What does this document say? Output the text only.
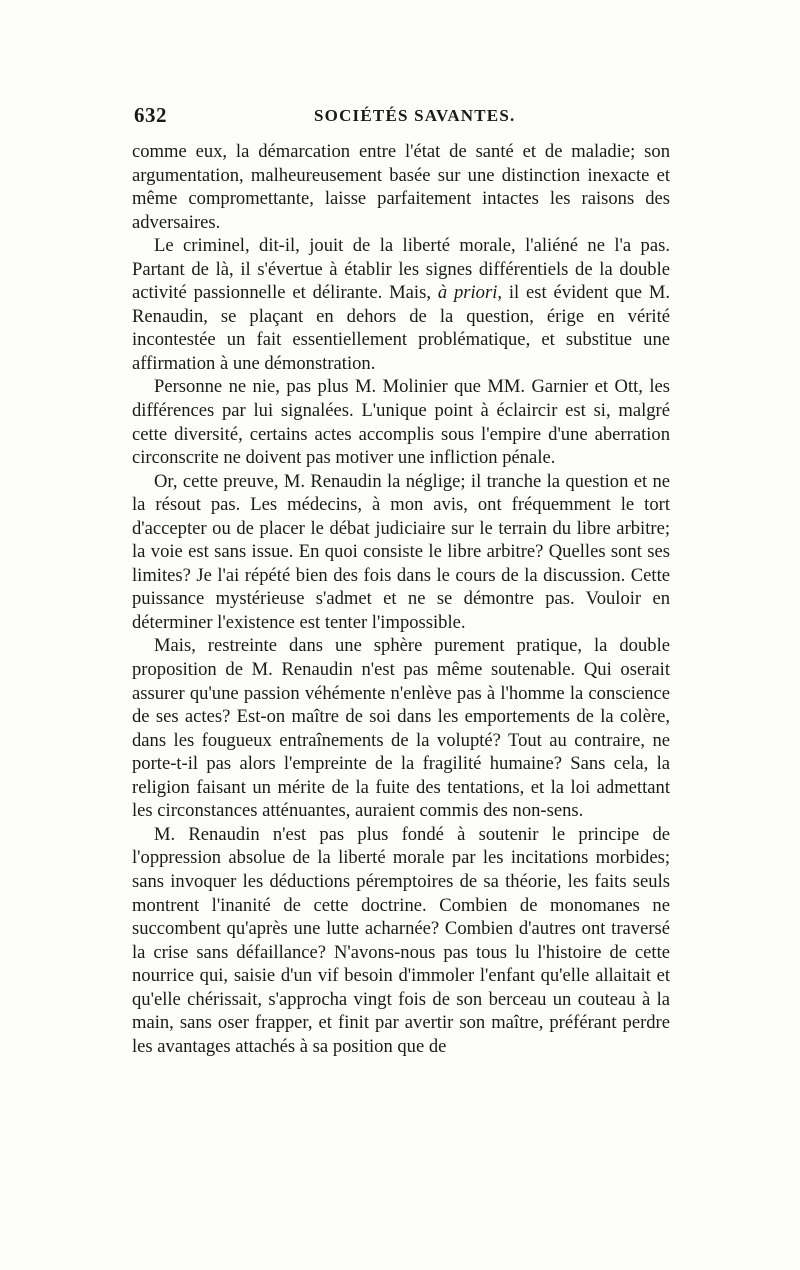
632	SOCIÉTÉS SAVANTES.

comme eux, la démarcation entre l'état de santé et de maladie; son argumentation, malheureusement basée sur une distinction inexacte et même compromettante, laisse parfaitement intactes les raisons des adversaires.

Le criminel, dit-il, jouit de la liberté morale, l'aliéné ne l'a pas. Partant de là, il s'évertue à établir les signes différentiels de la double activité passionnelle et délirante. Mais, à priori, il est évident que M. Renaudin, se plaçant en dehors de la question, érige en vérité incontestée un fait essentiellement problématique, et substitue une affirmation à une démonstration.

Personne ne nie, pas plus M. Molinier que MM. Garnier et Ott, les différences par lui signalées. L'unique point à éclaircir est si, malgré cette diversité, certains actes accomplis sous l'empire d'une aberration circonscrite ne doivent pas motiver une infliction pénale.

Or, cette preuve, M. Renaudin la néglige; il tranche la question et ne la résout pas. Les médecins, à mon avis, ont fréquemment le tort d'accepter ou de placer le débat judiciaire sur le terrain du libre arbitre; la voie est sans issue. En quoi consiste le libre arbitre? Quelles sont ses limites? Je l'ai répété bien des fois dans le cours de la discussion. Cette puissance mystérieuse s'admet et ne se démontre pas. Vouloir en déterminer l'existence est tenter l'impossible.

Mais, restreinte dans une sphère purement pratique, la double proposition de M. Renaudin n'est pas même soutenable. Qui oserait assurer qu'une passion véhémente n'enlève pas à l'homme la conscience de ses actes? Est-on maître de soi dans les emportements de la colère, dans les fougueux entraînements de la volupté? Tout au contraire, ne porte-t-il pas alors l'empreinte de la fragilité humaine? Sans cela, la religion faisant un mérite de la fuite des tentations, et la loi admettant les circonstances atténuantes, auraient commis des non-sens.

M. Renaudin n'est pas plus fondé à soutenir le principe de l'oppression absolue de la liberté morale par les incitations morbides; sans invoquer les déductions péremptoires de sa théorie, les faits seuls montrent l'inanité de cette doctrine. Combien de monomanes ne succombent qu'après une lutte acharnée? Combien d'autres ont traversé la crise sans défaillance? N'avons-nous pas tous lu l'histoire de cette nourrice qui, saisie d'un vif besoin d'immoler l'enfant qu'elle allaitait et qu'elle chérissait, s'approcha vingt fois de son berceau un couteau à la main, sans oser frapper, et finit par avertir son maître, préférant perdre les avantages attachés à sa position que de
